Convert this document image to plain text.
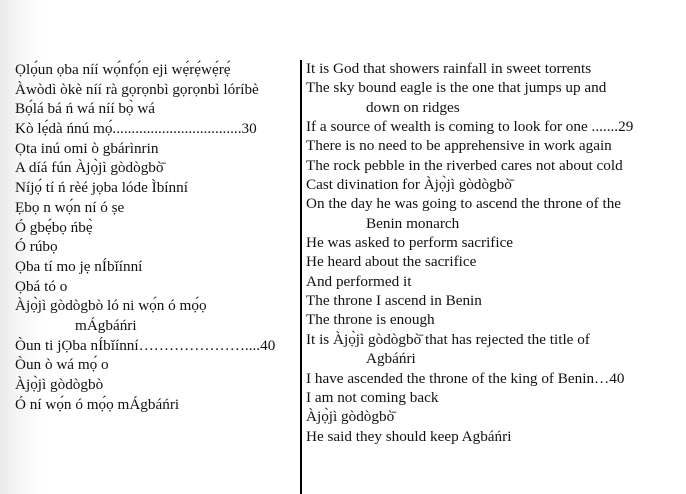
Ọlọ́un ọba níí wọ́nfọ́n eji wẹ́rẹ́wẹ́rẹ́
Àwòdì òkè níí rà gọrọnbì gọrọnbì lóríbè
Bọ́lá bá ń wá níí bọ̀ wá
Kò lẹ́dà ńnú mọ́..................................30
Ọta inú omi ò gbárìnrin
A díá fún Àjọ̀jì gòdògbò̄
Níjọ́ tí ń rèé jọba lóde Ìbínní
Ẹbọ n wọ́n ní ó ṣe
Ó gbẹ́bọ ńbẹ̀
Ó rúbọ
Ọba tí mo jẹ nÍbǐínní
Ọbá tó o
Àjọ̀jì gòdògbò ló ni wọ́n ó mọ́ọ
mÁgbáńri
Òun ti jỌba nÍbǐínní…………………....40
Òun ò wá mọ́ o
Àjọ̀jì gòdògbò
Ó ní wọ́n ó mọ́ọ mÁgbáńri
It is God that showers rainfall in sweet torrents
The sky bound eagle is the one that jumps up and
down on ridges
If a source of wealth is coming to look for one .......29
There is no need to be apprehensive in work again
The rock pebble in the riverbed cares not about cold
Cast divination for Àjọ̀jì gòdògbò̄
On the day he was going to ascend the throne of the
Benin monarch
He was asked to perform sacrifice
He heard about the sacrifice
And performed it
The throne I ascend in Benin
The throne is enough
It is Àjọ̀jì gòdògbò̄ that has rejected the title of
Agbáńri
I have ascended the throne of the king of Benin…40
I am not coming back
Àjọ̀jì gòdògbò̄
He said they should keep Agbáńri
